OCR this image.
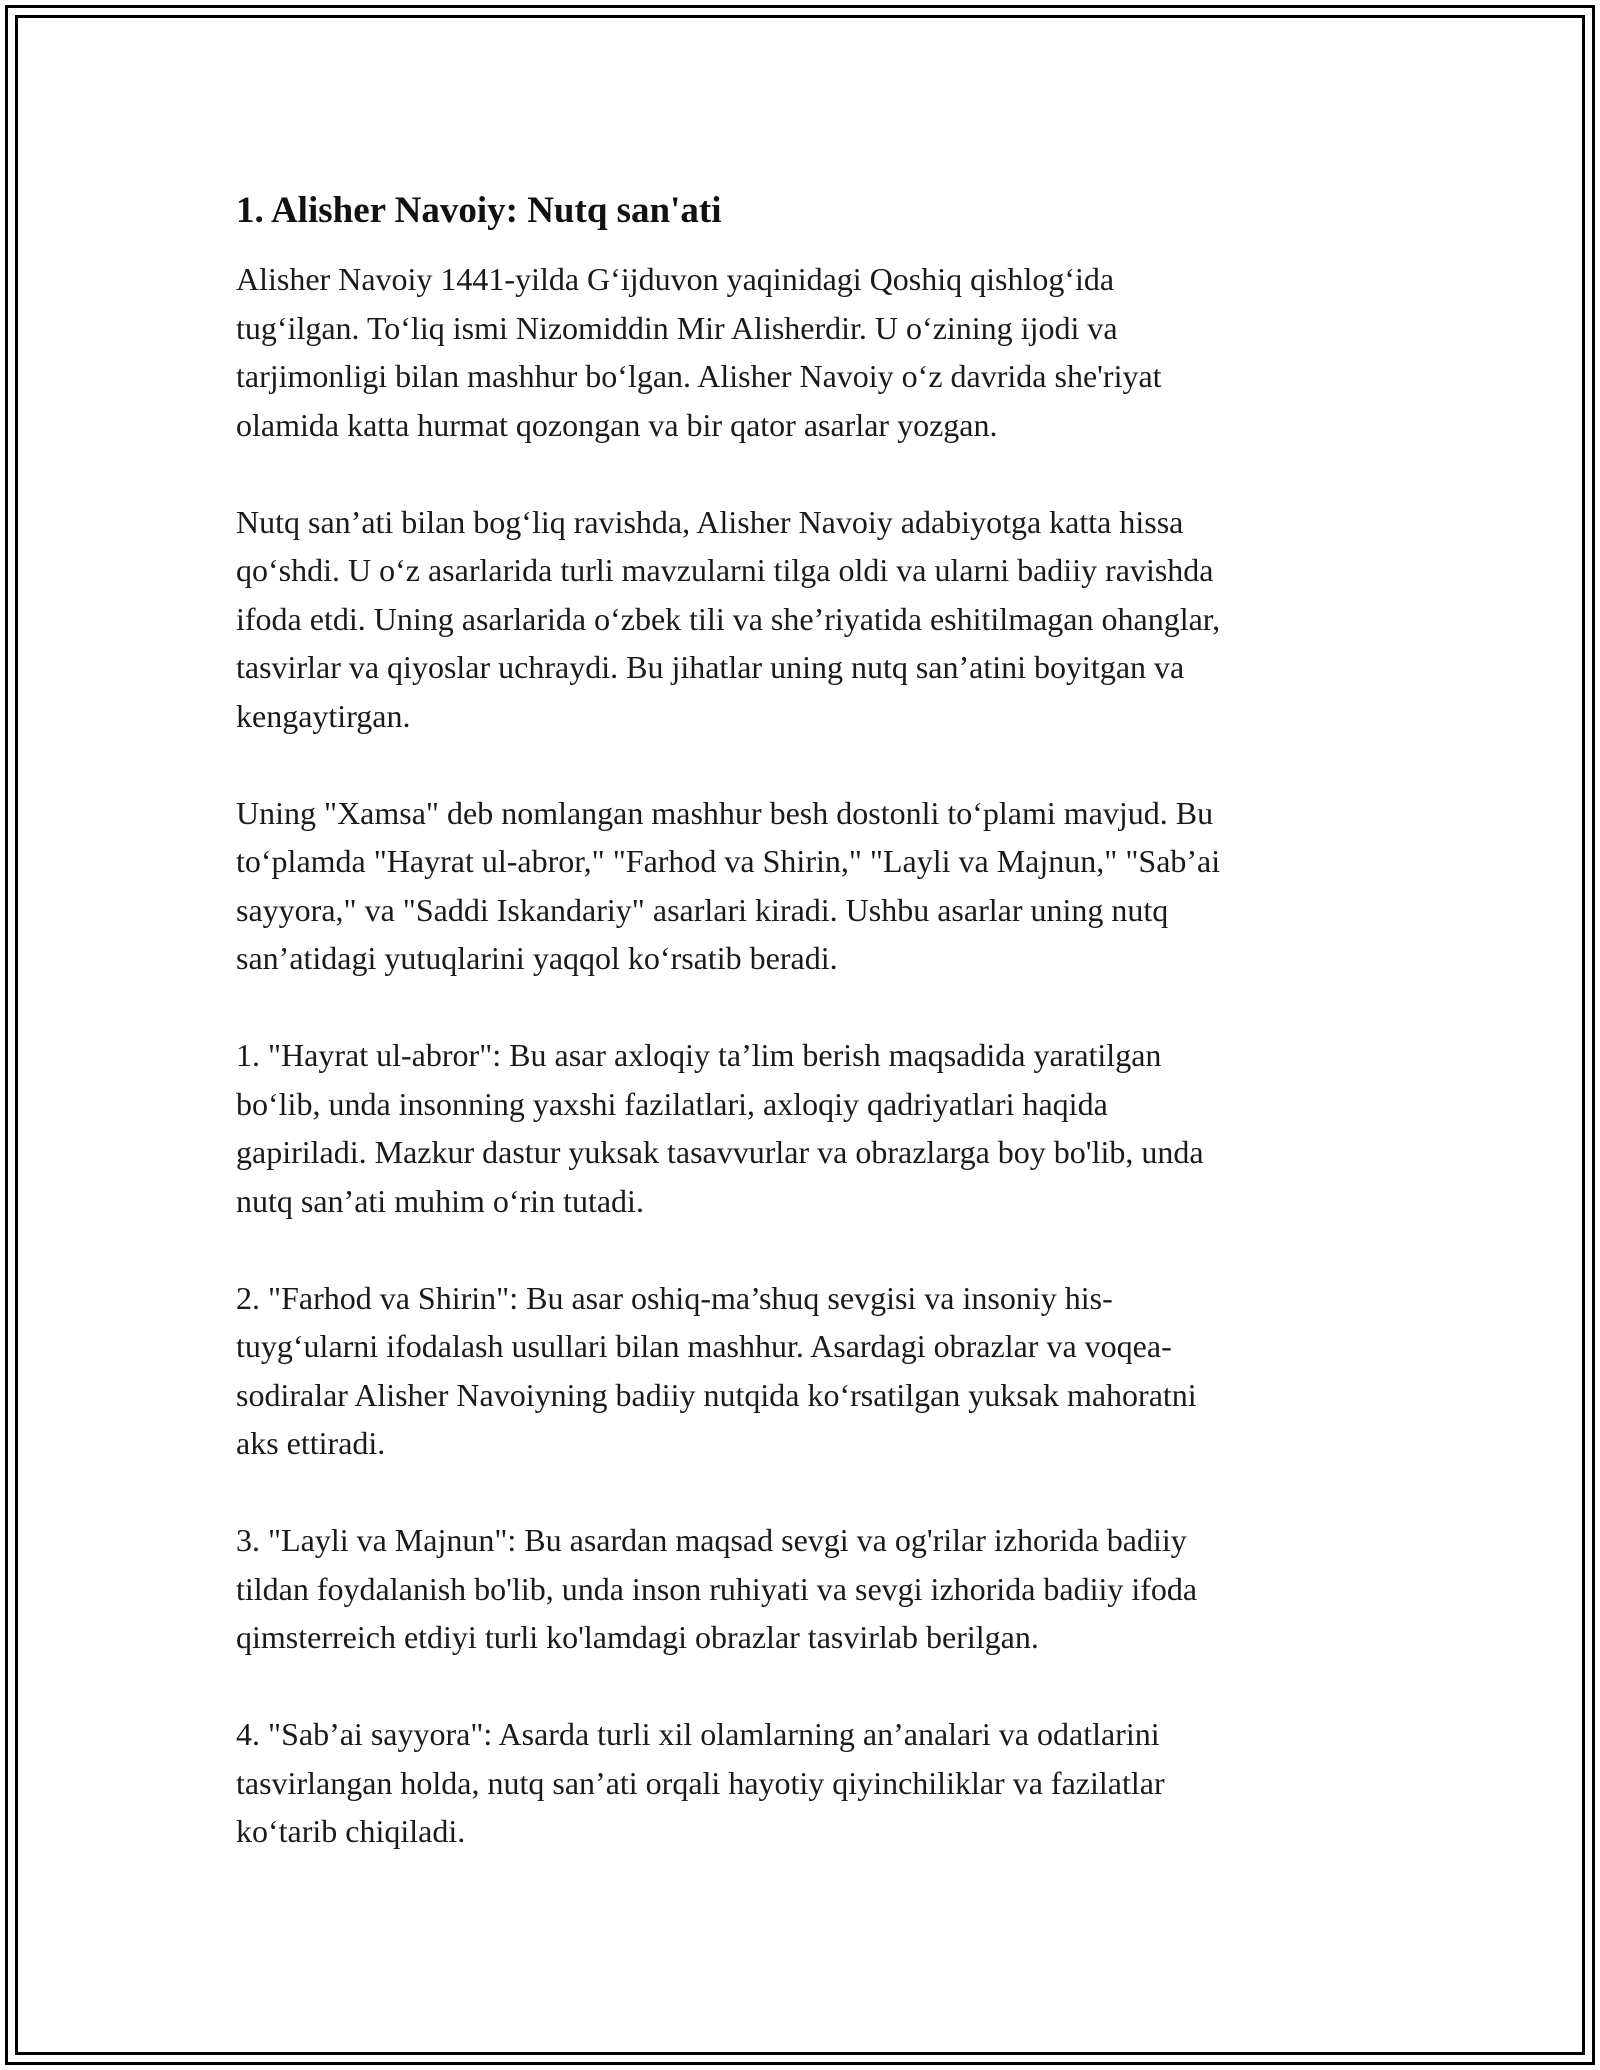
1. Alisher Navoiy: Nutq san'ati

Alisher Navoiy 1441-yilda G‘ijduvon yaqinidagi Qoshiq qishlog‘ida
tug‘ilgan. To‘liq ismi Nizomiddin Mir Alisherdir. U o‘zining ijodi va
tarjimonligi bilan mashhur bo‘lgan. Alisher Navoiy o‘z davrida she'riyat
olamida katta hurmat qozongan va bir qator asarlar yozgan.

Nutq san’ati bilan bog‘liq ravishda, Alisher Navoiy adabiyotga katta hissa
qo‘shdi. U o‘z asarlarida turli mavzularni tilga oldi va ularni badiiy ravishda
ifoda etdi. Uning asarlarida o‘zbek tili va she’riyatida eshitilmagan ohanglar,
tasvirlar va qiyoslar uchraydi. Bu jihatlar uning nutq san’atini boyitgan va
kengaytirgan.

Uning "Xamsa" deb nomlangan mashhur besh dostonli to‘plami mavjud. Bu
to‘plamda "Hayrat ul-abror," "Farhod va Shirin," "Layli va Majnun," "Sab’ai
sayyora," va "Saddi Iskandariy" asarlari kiradi. Ushbu asarlar uning nutq
san’atidagi yutuqlarini yaqqol ko‘rsatib beradi.

1. "Hayrat ul-abror": Bu asar axloqiy ta’lim berish maqsadida yaratilgan
bo‘lib, unda insonning yaxshi fazilatlari, axloqiy qadriyatlari haqida
gapiriladi. Mazkur dastur yuksak tasavvurlar va obrazlarga boy bo'lib, unda
nutq san’ati muhim o‘rin tutadi.

2. "Farhod va Shirin": Bu asar oshiq-ma’shuq sevgisi va insoniy his-
tuyg‘ularni ifodalash usullari bilan mashhur. Asardagi obrazlar va voqea-
sodiralar Alisher Navoiyning badiiy nutqida ko‘rsatilgan yuksak mahoratni
aks ettiradi.

3. "Layli va Majnun": Bu asardan maqsad sevgi va og'rilar izhorida badiiy
tildan foydalanish bo'lib, unda inson ruhiyati va sevgi izhorida badiiy ifoda
qimsterreich etdiyi turli ko'lamdagi obrazlar tasvirlab berilgan.

4. "Sab’ai sayyora": Asarda turli xil olamlarning an’analari va odatlarini
tasvirlangan holda, nutq san’ati orqali hayotiy qiyinchiliklar va fazilatlar
ko‘tarib chiqiladi.
